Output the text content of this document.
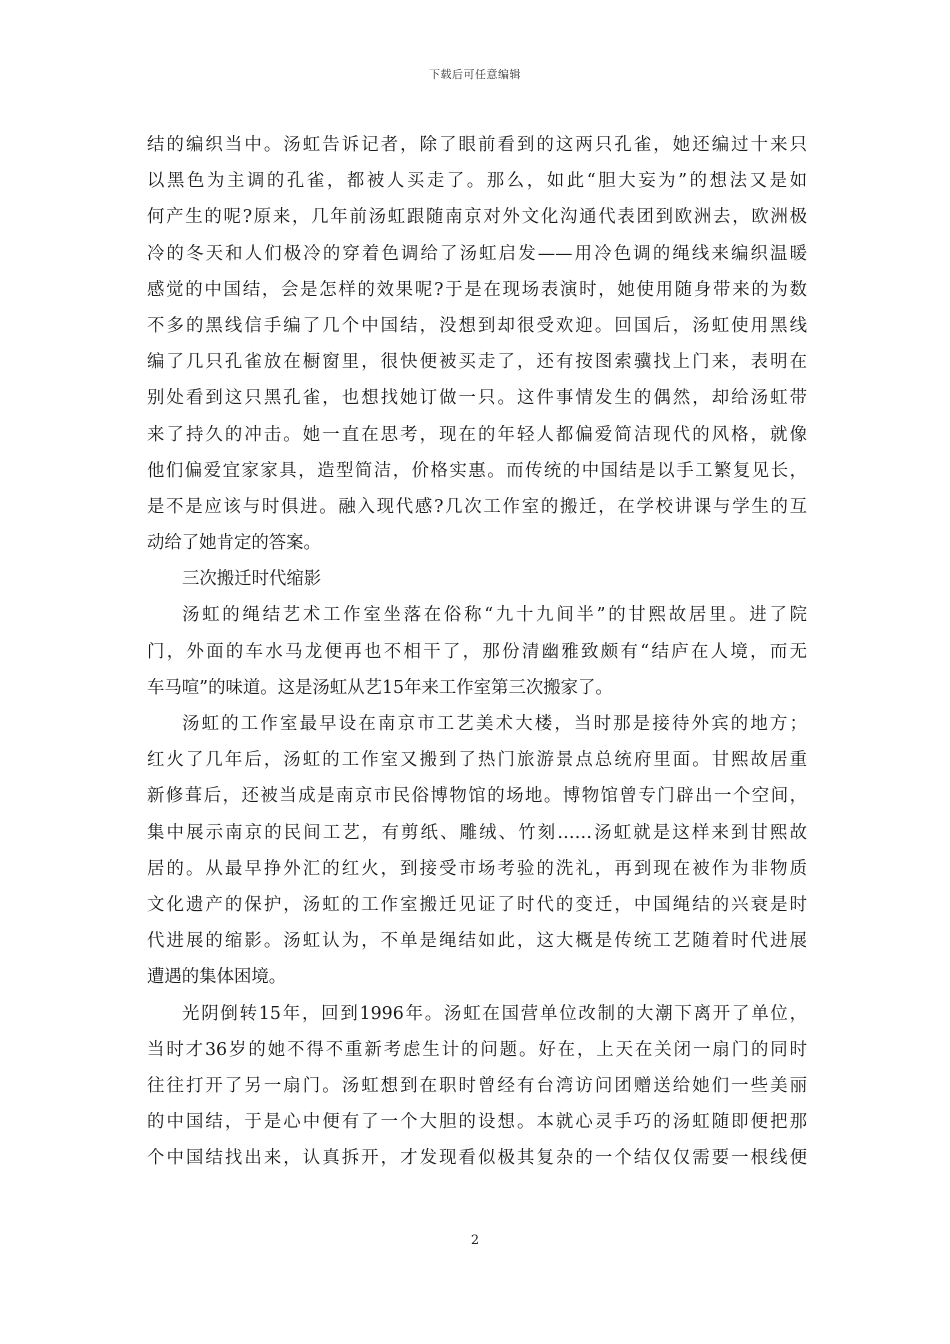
下载后可任意编辑
结的编织当中。汤虹告诉记者，除了眼前看到的这两只孔雀，她还编过十来只
以黑色为主调的孔雀，都被人买走了。那么，如此“胆大妄为”的想法又是如
何产生的呢?原来，几年前汤虹跟随南京对外文化沟通代表团到欧洲去，欧洲极
冷的冬天和人们极冷的穿着色调给了汤虹启发——用冷色调的绳线来编织温暖
感觉的中国结，会是怎样的效果呢?于是在现场表演时，她使用随身带来的为数
不多的黑线信手编了几个中国结，没想到却很受欢迎。回国后，汤虹使用黑线
编了几只孔雀放在橱窗里，很快便被买走了，还有按图索骥找上门来，表明在
别处看到这只黑孔雀，也想找她订做一只。这件事情发生的偶然，却给汤虹带
来了持久的冲击。她一直在思考，现在的年轻人都偏爱简洁现代的风格，就像
他们偏爱宜家家具，造型简洁，价格实惠。而传统的中国结是以手工繁复见长，
是不是应该与时俱进。融入现代感?几次工作室的搬迁，在学校讲课与学生的互
动给了她肯定的答案。
三次搬迁时代缩影
汤虹的绳结艺术工作室坐落在俗称“九十九间半”的甘熙故居里。进了院
门，外面的车水马龙便再也不相干了，那份清幽雅致颇有“结庐在人境，而无
车马喧”的味道。这是汤虹从艺15年来工作室第三次搬家了。
汤虹的工作室最早设在南京市工艺美术大楼，当时那是接待外宾的地方；
红火了几年后，汤虹的工作室又搬到了热门旅游景点总统府里面。甘熙故居重
新修葺后，还被当成是南京市民俗博物馆的场地。博物馆曾专门辟出一个空间，
集中展示南京的民间工艺，有剪纸、雕绒、竹刻……汤虹就是这样来到甘熙故
居的。从最早挣外汇的红火，到接受市场考验的洗礼，再到现在被作为非物质
文化遗产的保护，汤虹的工作室搬迁见证了时代的变迁，中国绳结的兴衰是时
代进展的缩影。汤虹认为，不单是绳结如此，这大概是传统工艺随着时代进展
遭遇的集体困境。
光阴倒转15年，回到1996年。汤虹在国营单位改制的大潮下离开了单位，
当时才36岁的她不得不重新考虑生计的问题。好在，上天在关闭一扇门的同时
往往打开了另一扇门。汤虹想到在职时曾经有台湾访问团赠送给她们一些美丽
的中国结，于是心中便有了一个大胆的设想。本就心灵手巧的汤虹随即便把那
个中国结找出来，认真拆开，才发现看似极其复杂的一个结仅仅需要一根线便
2
